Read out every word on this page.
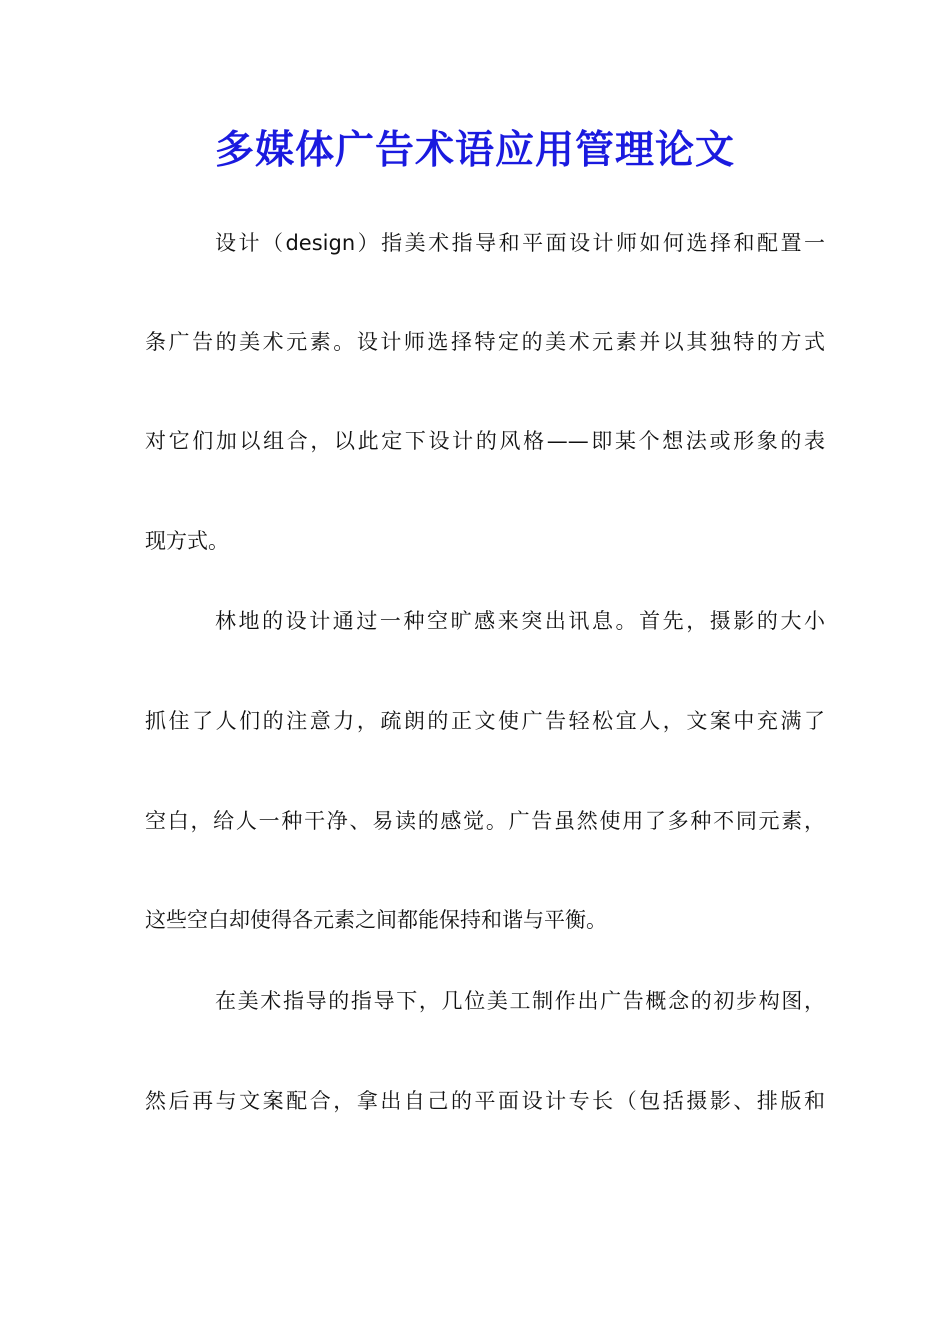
多媒体广告术语应用管理论文
设计（design）指美术指导和平面设计师如何选择和配置一
条广告的美术元素。设计师选择特定的美术元素并以其独特的方式
对它们加以组合，以此定下设计的风格——即某个想法或形象的表
现方式。
林地的设计通过一种空旷感来突出讯息。首先，摄影的大小
抓住了人们的注意力，疏朗的正文使广告轻松宜人，文案中充满了
空白，给人一种干净、易读的感觉。广告虽然使用了多种不同元素，
这些空白却使得各元素之间都能保持和谐与平衡。
在美术指导的指导下，几位美工制作出广告概念的初步构图，
然后再与文案配合，拿出自己的平面设计专长（包括摄影、排版和
